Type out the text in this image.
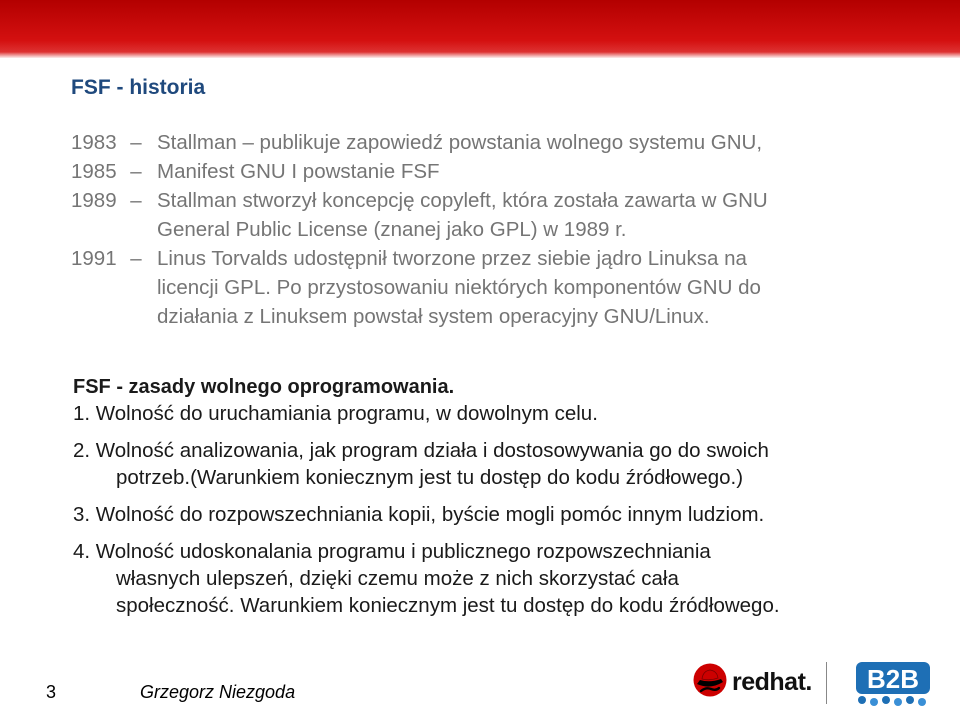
FSF - historia
1983 – Stallman – publikuje zapowiedź powstania wolnego systemu GNU,
1985 – Manifest GNU I powstanie FSF
1989 – Stallman stworzył koncepcję copyleft, która została zawarta w GNU
General Public License (znanej jako GPL) w 1989 r.
1991 – Linus Torvalds udostępnił tworzone przez siebie jądro Linuksa na
licencji GPL. Po przystosowaniu niektórych komponentów GNU do
działania z Linuksem powstał system operacyjny GNU/Linux.
FSF - zasady wolnego oprogramowania.

1. Wolność do uruchamiania programu, w dowolnym celu.

2. Wolność analizowania, jak program działa i dostosowywania go do swoich
potrzeb.(Warunkiem koniecznym jest tu dostęp do kodu źródłowego.)

3. Wolność do rozpowszechniania kopii, byście mogli pomóc innym ludziom.

4. Wolność udoskonalania programu i publicznego rozpowszechniania
własnych ulepszeń, dzięki czemu może z nich skorzystać cała
społeczność. Warunkiem koniecznym jest tu dostęp do kodu źródłowego.

3	Grzegorz Niezgoda	redhat. B2B
